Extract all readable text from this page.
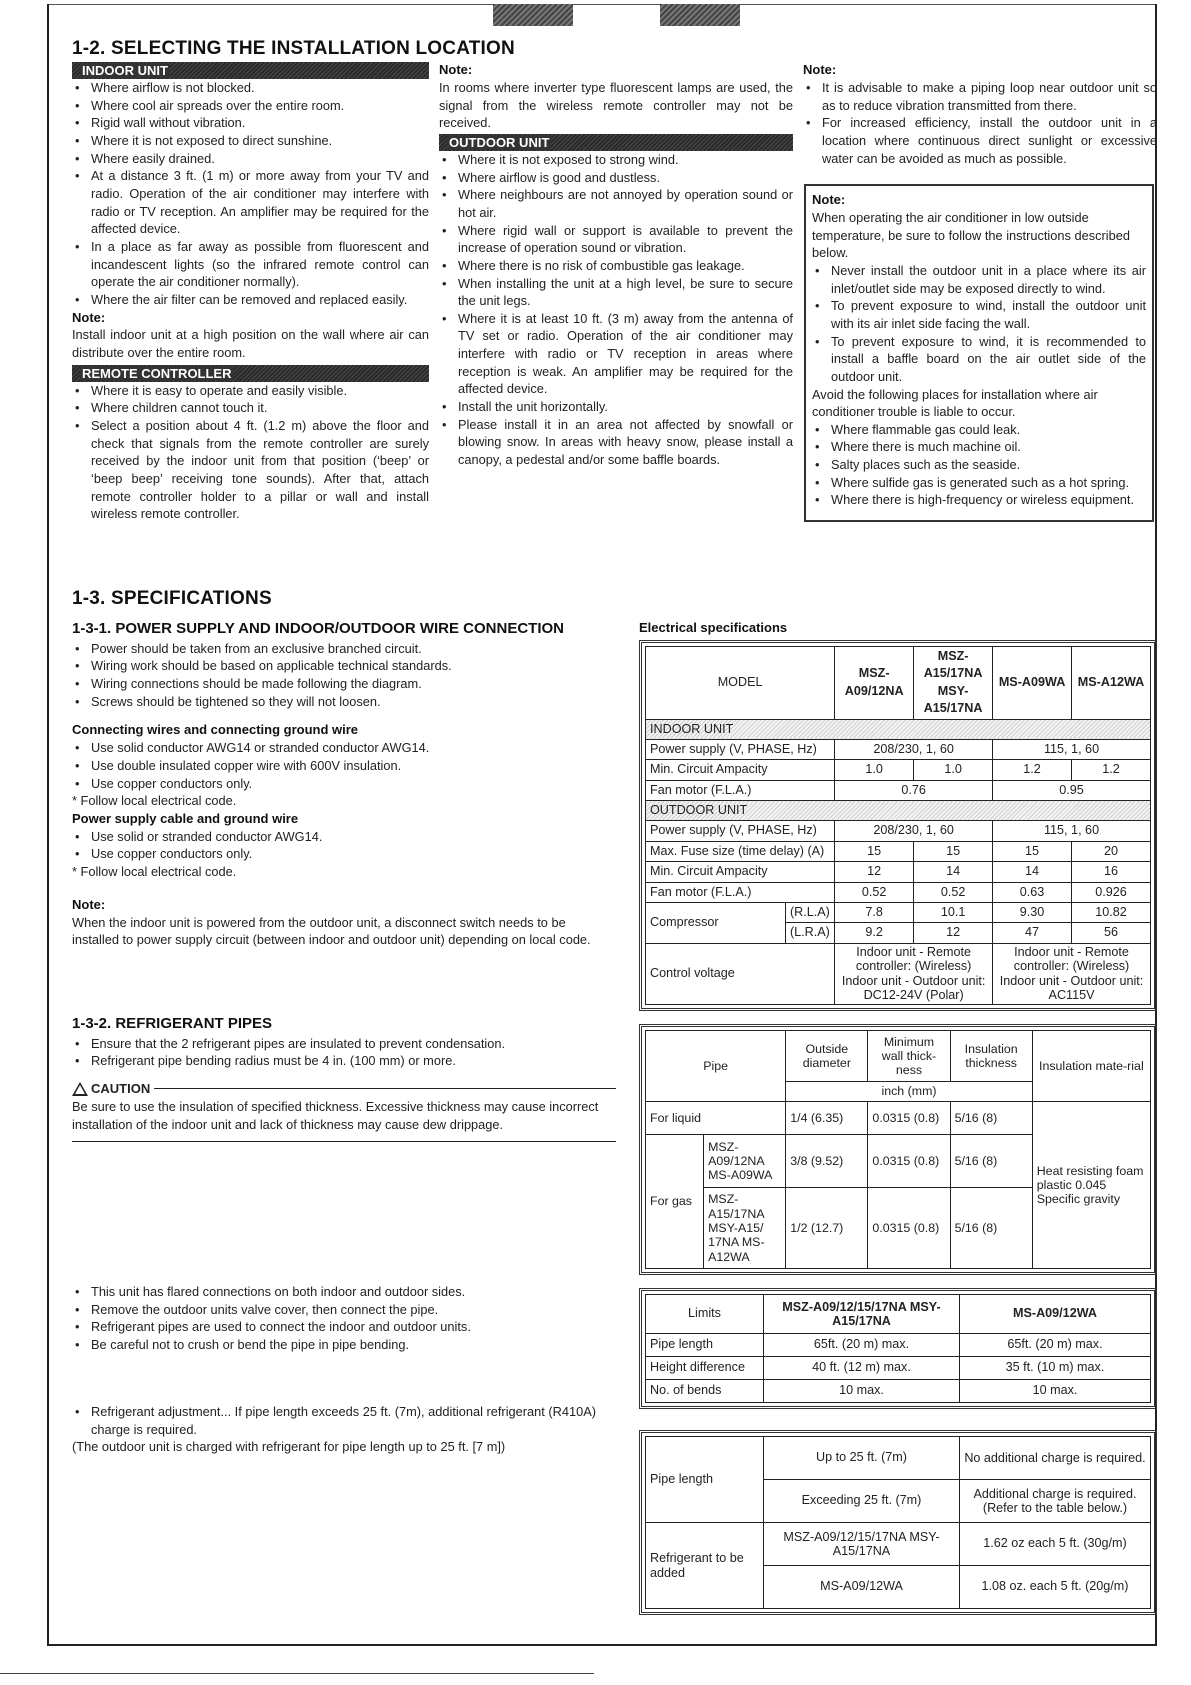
1-2. SELECTING THE INSTALLATION LOCATION
INDOOR UNIT
• Where airflow is not blocked.
• Where cool air spreads over the entire room.
• Rigid wall without vibration.
• Where it is not exposed to direct sunshine.
• Where easily drained.
• At a distance 3 ft. (1 m) or more away from your TV and radio. Operation of the air conditioner may interfere with radio or TV reception. An amplifier may be required for the affected device.
• In a place as far away as possible from fluorescent and incandescent lights (so the infrared remote control can operate the air conditioner normally).
• Where the air filter can be removed and replaced easily.
Note:

Install indoor unit at a high position on the wall where air can distribute over the entire room.

REMOTE CONTROLLER
• Where it is easy to operate and easily visible.
• Where children cannot touch it.
• Select a position about 4 ft. (1.2 m) above the floor and check that signals from the remote controller are surely received by the indoor unit from that position (‘beep’ or ‘beep beep’ receiving tone sounds). After that, attach remote controller holder to a pillar or wall and install wireless remote controller.
Note:

In rooms where inverter type fluorescent lamps are used, the signal from the wireless remote controller may not be received.

OUTDOOR UNIT
• Where it is not exposed to strong wind.
• Where airflow is good and dustless.
• Where neighbours are not annoyed by operation sound or hot air.
• Where rigid wall or support is available to prevent the increase of operation sound or vibration.
• Where there is no risk of combustible gas leakage.
• When installing the unit at a high level, be sure to secure the unit legs.
• Where it is at least 10 ft. (3 m) away from the antenna of TV set or radio. Operation of the air conditioner may interfere with radio or TV reception in areas where reception is weak. An amplifier may be required for the affected device.
• Install the unit horizontally.
• Please install it in an area not affected by snowfall or blowing snow. In areas with heavy snow, please install a canopy, a pedestal and/or some baffle boards.
Note:
• It is advisable to make a piping loop near outdoor unit so as to reduce vibration transmitted from there.
• For increased efficiency, install the outdoor unit in a location where continuous direct sunlight or excessive water can be avoided as much as possible.
Note:

When operating the air conditioner in low outside temperature, be sure to follow the instructions described below.

• Never install the outdoor unit in a place where its air inlet/outlet side may be exposed directly to wind.
• To prevent exposure to wind, install the outdoor unit with its air inlet side facing the wall.
• To prevent exposure to wind, it is recommended to install a baffle board on the air outlet side of the outdoor unit.

Avoid the following places for installation where air conditioner trouble is liable to occur.

• Where flammable gas could leak.
• Where there is much machine oil.
• Salty places such as the seaside.
• Where sulfide gas is generated such as a hot spring.
• Where there is high-frequency or wireless equipment.
1-3. SPECIFICATIONS
1-3-1. POWER SUPPLY AND INDOOR/OUTDOOR WIRE CONNECTION
• Power should be taken from an exclusive branched circuit.
• Wiring work should be based on applicable technical standards.
• Wiring connections should be made following the diagram.
• Screws should be tightened so they will not loosen.
Connecting wires and connecting ground wire
• Use solid conductor AWG14 or stranded conductor AWG14.
• Use double insulated copper wire with 600V insulation.
• Use copper conductors only.

* Follow local electrical code.

Power supply cable and ground wire
• Use solid or stranded conductor AWG14.
• Use copper conductors only.

* Follow local electrical code.

Note:

When the indoor unit is powered from the outdoor unit, a disconnect switch needs to be installed to power supply circuit (between indoor and outdoor unit) depending on local code.

1-3-2. REFRIGERANT PIPES
• Ensure that the 2 refrigerant pipes are insulated to prevent condensation.
• Refrigerant pipe bending radius must be 4 in. (100 mm) or more.
CAUTION

Be sure to use the insulation of specified thickness. Excessive thickness may cause incorrect installation of the indoor unit and lack of thickness may cause dew drippage.

• This unit has flared connections on both indoor and outdoor sides.
• Remove the outdoor units valve cover, then connect the pipe.
• Refrigerant pipes are used to connect the indoor and outdoor units.
• Be careful not to crush or bend the pipe in pipe bending.
• Refrigerant adjustment... If pipe length exceeds 25 ft. (7m), additional refrigerant (R410A) charge is required.

(The outdoor unit is charged with refrigerant for pipe length up to 25 ft. [7 m])

Electrical specifications
MODEL		MSZ-A09/12NA	MSZ-A15/17NA MSY-A15/17NA	MS-A09WA	MS-A12WA
INDOOR UNIT					
Power supply (V, PHASE, Hz)		208/230, 1, 60		115, 1, 60	
Min. Circuit Ampacity		1.0	1.0	1.2	1.2
Fan motor (F.L.A.)		0.76		0.95	
OUTDOOR UNIT					
Power supply (V, PHASE, Hz)		208/230, 1, 60		115, 1, 60	
Max. Fuse size (time delay) (A)		15	15	15	20
Min. Circuit Ampacity		12	14	14	16
Fan motor (F.L.A.)		0.52	0.52	0.63	0.926
Compressor	(R.L.A)	7.8	10.1	9.30	10.82
	(L.R.A)	9.2	12	47	56
Control voltage		Indoor unit - Remote controller: (Wireless) Indoor unit - Outdoor unit: DC12-24V (Polar)		Indoor unit - Remote controller: (Wireless) Indoor unit - Outdoor unit: AC115V	
Pipe		Outside diameter	Minimum wall thick-ness	Insulation thickness	Insulation mate-rial
		inch (mm)			
For liquid		1/4 (6.35)	0.0315 (0.8)	5/16 (8)	Heat resisting foam plastic 0.045 Specific gravity
For gas	MSZ-A09/12NA MS-A09WA	3/8 (9.52)	0.0315 (0.8)	5/16 (8)	
	MSZ-A15/17NA MSY-A15/ 17NA MS-A12WA	1/2 (12.7)	0.0315 (0.8)	5/16 (8)	
Limits	MSZ-A09/12/15/17NA MSY-A15/17NA	MS-A09/12WA
Pipe length	65ft. (20 m) max.	65ft. (20 m) max.
Height difference	40 ft. (12 m) max.	35 ft. (10 m) max.
No. of bends	10 max.	10 max.
Pipe length	Up to 25 ft. (7m)	No additional charge is required.
	Exceeding 25 ft. (7m)	Additional charge is required. (Refer to the table below.)
Refrigerant to be added	MSZ-A09/12/15/17NA MSY-A15/17NA	1.62 oz each 5 ft. (30g/m)
	MS-A09/12WA	1.08 oz. each 5 ft. (20g/m)
